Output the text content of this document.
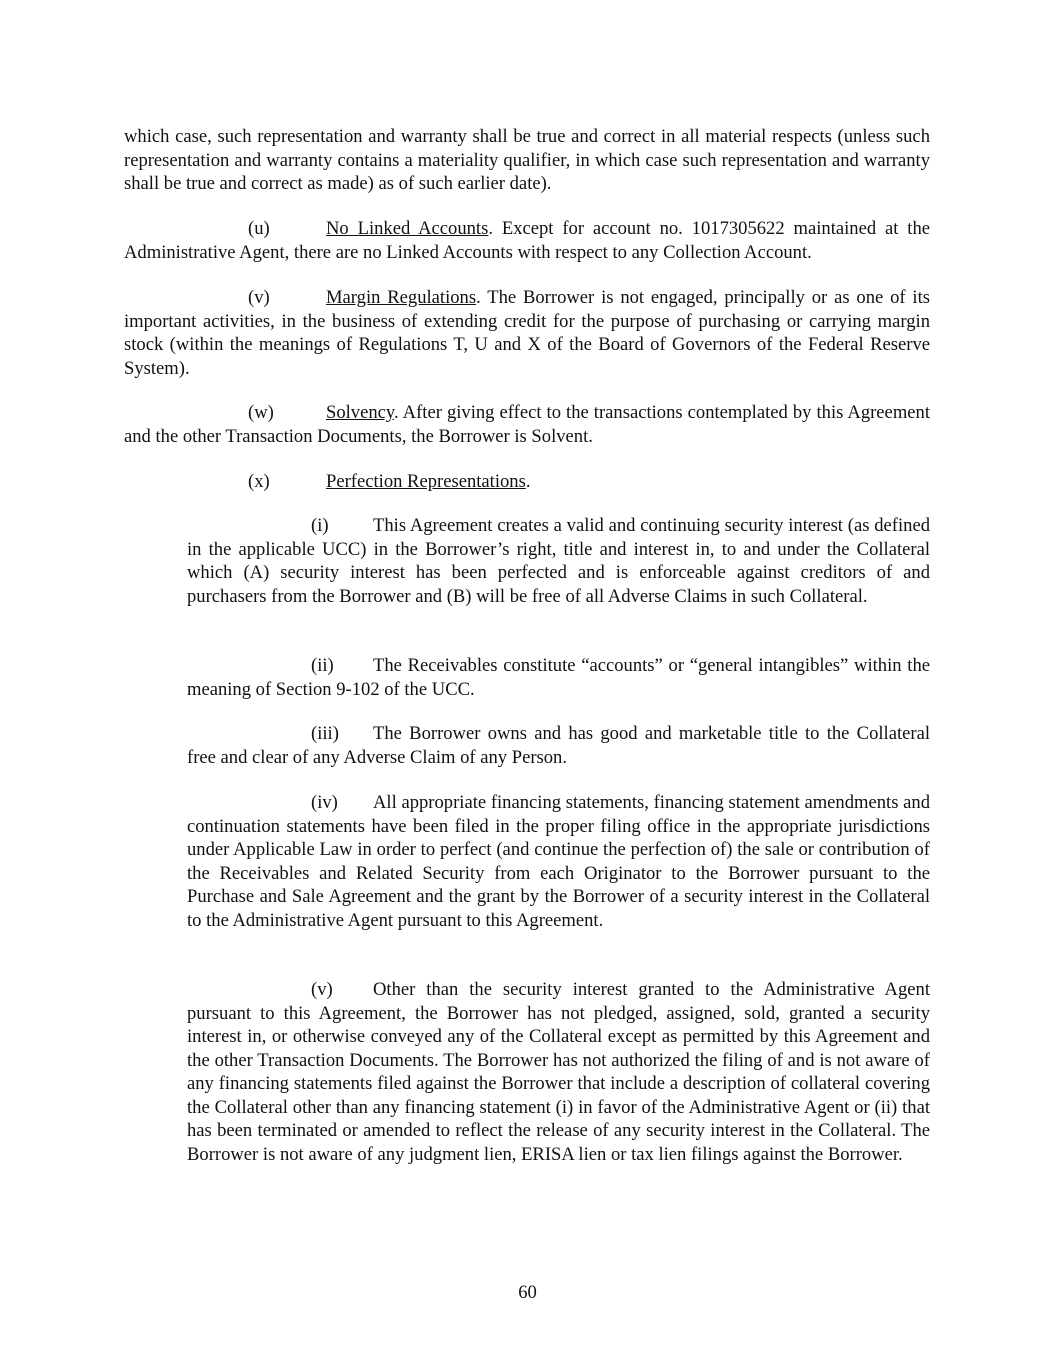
which case, such representation and warranty shall be true and correct in all material respects (unless such representation and warranty contains a materiality qualifier, in which case such representation and warranty shall be true and correct as made) as of such earlier date).

(u)	No Linked Accounts. Except for account no. 1017305622 maintained at the Administrative Agent, there are no Linked Accounts with respect to any Collection Account.

(v)	Margin Regulations. The Borrower is not engaged, principally or as one of its important activities, in the business of extending credit for the purpose of purchasing or carrying margin stock (within the meanings of Regulations T, U and X of the Board of Governors of the Federal Reserve System).

(w)	Solvency. After giving effect to the transactions contemplated by this Agreement and the other Transaction Documents, the Borrower is Solvent.

(x)	Perfection Representations.

(i) This Agreement creates a valid and continuing security interest (as defined in the applicable UCC) in the Borrower’s right, title and interest in, to and under the Collateral which (A) security interest has been perfected and is enforceable against creditors of and purchasers from the Borrower and (B) will be free of all Adverse Claims in such Collateral.

(ii) The Receivables constitute “accounts” or “general intangibles” within the meaning of Section 9-102 of the UCC.

(iii) The Borrower owns and has good and marketable title to the Collateral free and clear of any Adverse Claim of any Person.

(iv) All appropriate financing statements, financing statement amendments and continuation statements have been filed in the proper filing office in the appropriate jurisdictions under Applicable Law in order to perfect (and continue the perfection of) the sale or contribution of the Receivables and Related Security from each Originator to the Borrower pursuant to the Purchase and Sale Agreement and the grant by the Borrower of a security interest in the Collateral to the Administrative Agent pursuant to this Agreement.

(v) Other than the security interest granted to the Administrative Agent pursuant to this Agreement, the Borrower has not pledged, assigned, sold, granted a security interest in, or otherwise conveyed any of the Collateral except as permitted by this Agreement and the other Transaction Documents. The Borrower has not authorized the filing of and is not aware of any financing statements filed against the Borrower that include a description of collateral covering the Collateral other than any financing statement (i) in favor of the Administrative Agent or (ii) that has been terminated or amended to reflect the release of any security interest in the Collateral. The Borrower is not aware of any judgment lien, ERISA lien or tax lien filings against the Borrower.

60
